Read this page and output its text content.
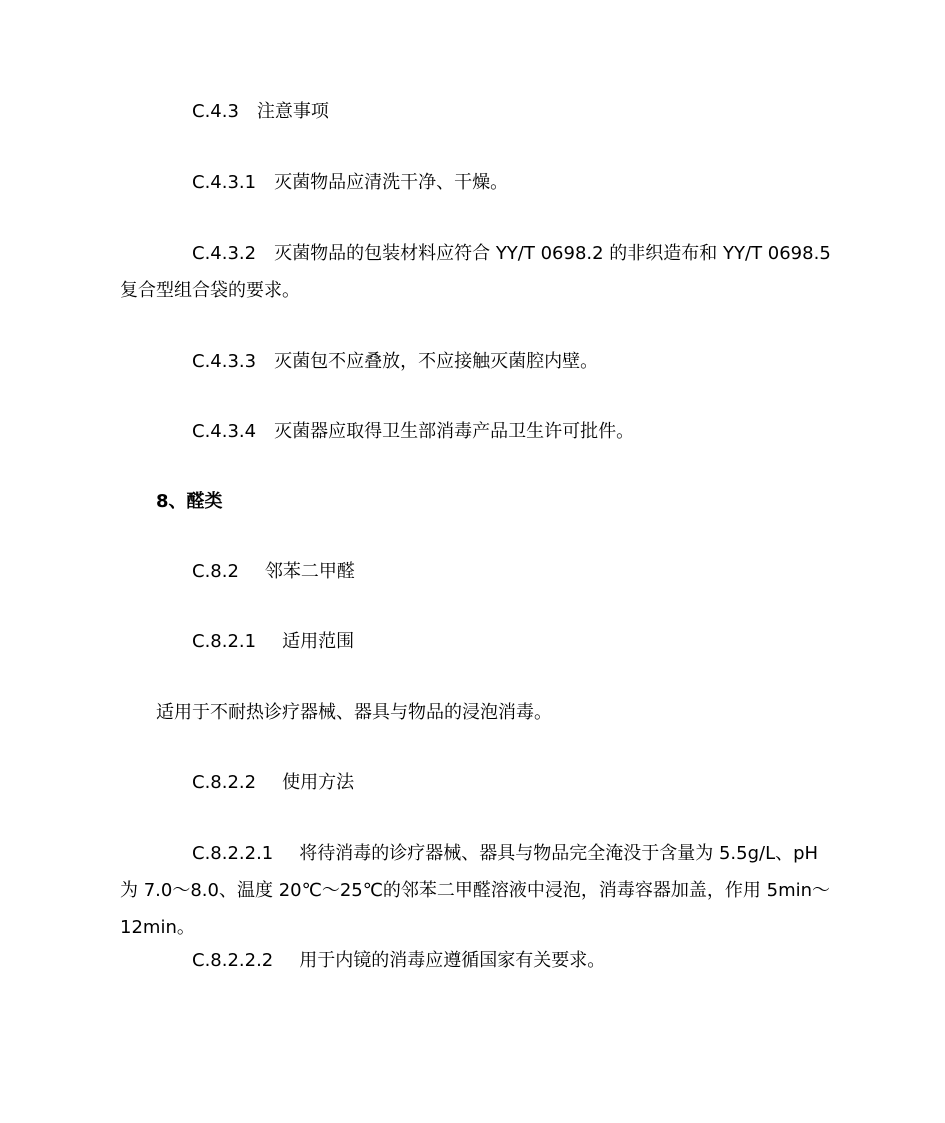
C.4.3 注意事项

C.4.3.1 灭菌物品应清洗干净、干燥。

C.4.3.2 灭菌物品的包装材料应符合 YY/T 0698.2 的非织造布和 YY/T 0698.5 复合型组合袋的要求。

C.4.3.3 灭菌包不应叠放，不应接触灭菌腔内壁。

C.4.3.4 灭菌器应取得卫生部消毒产品卫生许可批件。

8、醛类

C.8.2 邻苯二甲醛

C.8.2.1 适用范围

适用于不耐热诊疗器械、器具与物品的浸泡消毒。

C.8.2.2 使用方法

C.8.2.2.1 将待消毒的诊疗器械、器具与物品完全淹没于含量为 5.5g/L、pH 为 7.0～8.0、温度 20℃～25℃的邻苯二甲醛溶液中浸泡，消毒容器加盖，作用 5min～12min。

C.8.2.2.2 用于内镜的消毒应遵循国家有关要求。
